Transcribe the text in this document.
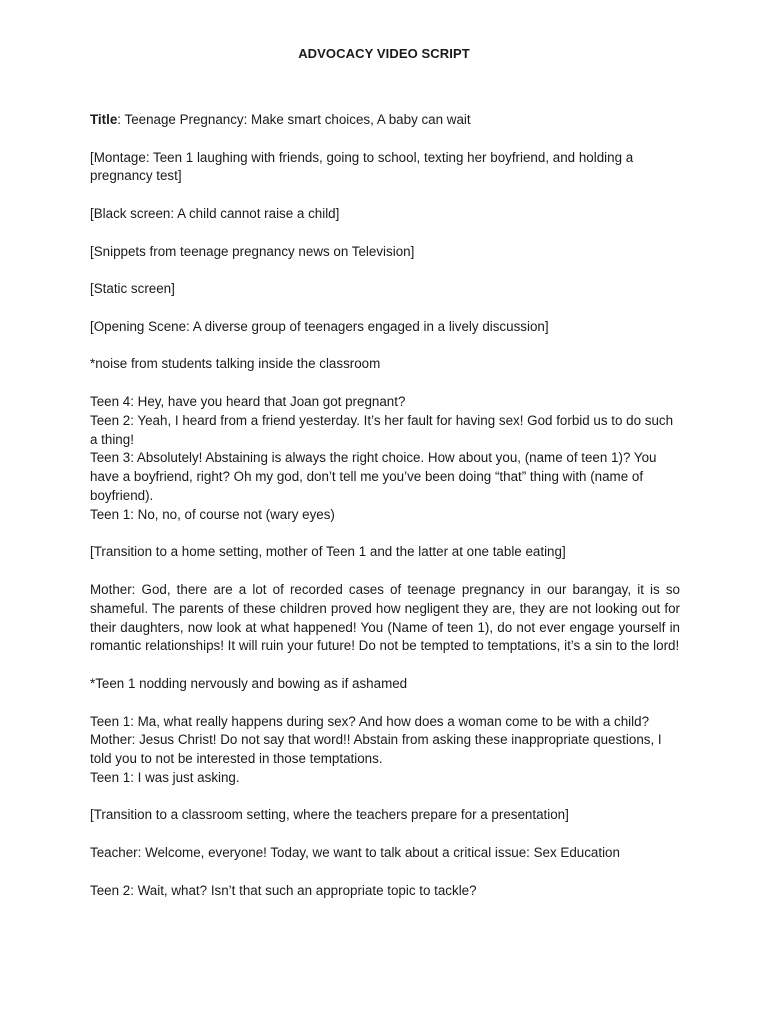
ADVOCACY VIDEO SCRIPT

Title: Teenage Pregnancy: Make smart choices, A baby can wait

[Montage: Teen 1 laughing with friends, going to school, texting her boyfriend, and holding a pregnancy test]

[Black screen: A child cannot raise a child]

[Snippets from teenage pregnancy news on Television]

[Static screen]

[Opening Scene: A diverse group of teenagers engaged in a lively discussion]

*noise from students talking inside the classroom

Teen 4: Hey, have you heard that Joan got pregnant?

Teen 2: Yeah, I heard from a friend yesterday. It’s her fault for having sex! God forbid us to do such a thing!

Teen 3: Absolutely! Abstaining is always the right choice. How about you, (name of teen 1)? You have a boyfriend, right? Oh my god, don’t tell me you’ve been doing “that” thing with (name of boyfriend).

Teen 1: No, no, of course not (wary eyes)

[Transition to a home setting, mother of Teen 1 and the latter at one table eating]

Mother: God, there are a lot of recorded cases of teenage pregnancy in our barangay, it is so shameful. The parents of these children proved how negligent they are, they are not looking out for their daughters, now look at what happened! You (Name of teen 1), do not ever engage yourself in romantic relationships! It will ruin your future! Do not be tempted to temptations, it’s a sin to the lord!

*Teen 1 nodding nervously and bowing as if ashamed

Teen 1: Ma, what really happens during sex? And how does a woman come to be with a child?

Mother: Jesus Christ! Do not say that word!! Abstain from asking these inappropriate questions, I told you to not be interested in those temptations.

Teen 1: I was just asking.

[Transition to a classroom setting, where the teachers prepare for a presentation]

Teacher: Welcome, everyone! Today, we want to talk about a critical issue: Sex Education

Teen 2: Wait, what? Isn’t that such an appropriate topic to tackle?
